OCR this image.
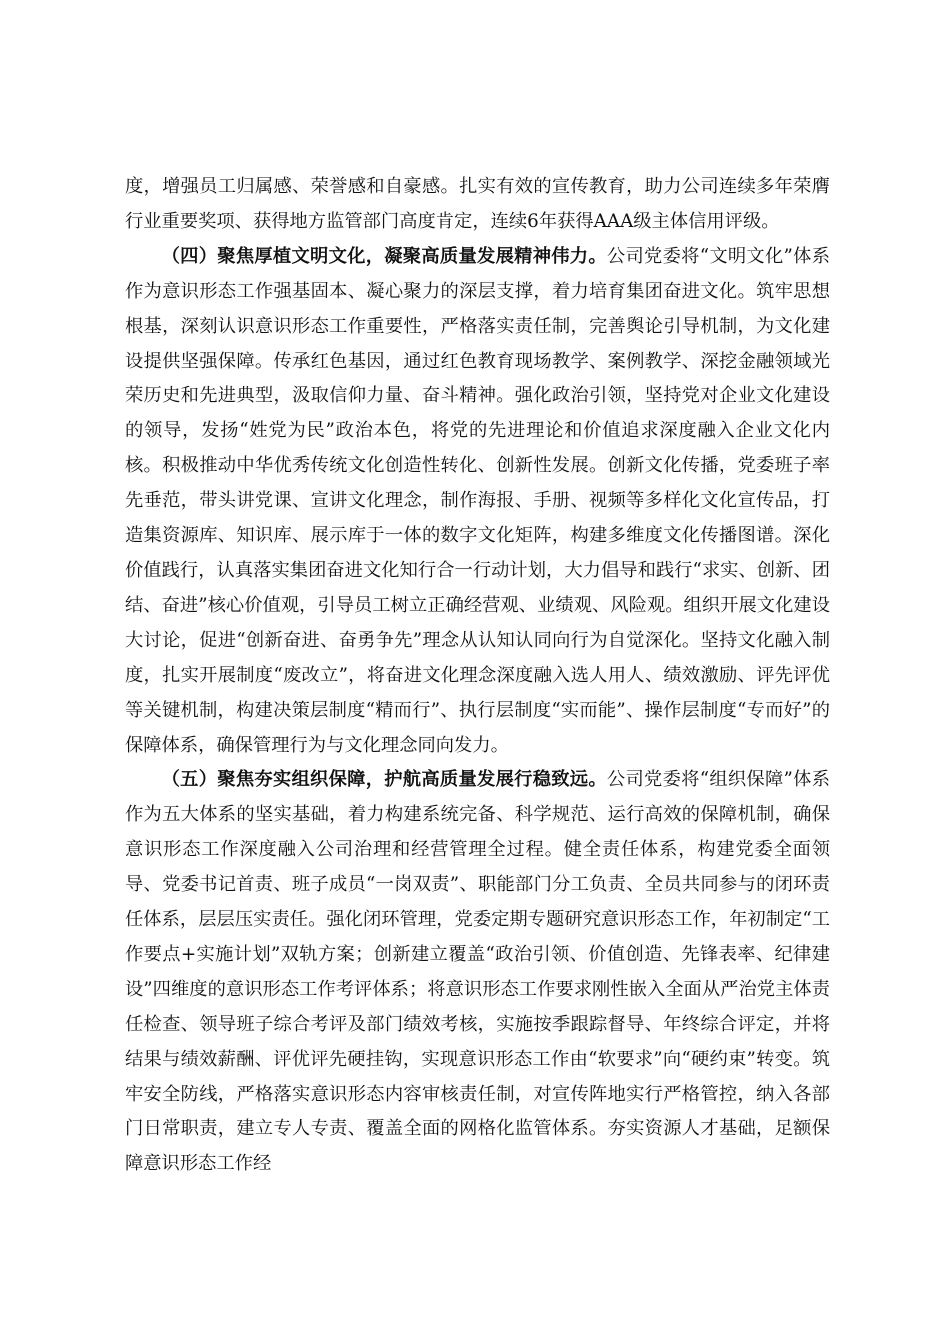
度，增强员工归属感、荣誉感和自豪感。扎实有效的宣传教育，助力公司连续多年荣膺行业重要奖项、获得地方监管部门高度肯定，连续6年获得AAA级主体信用评级。

（四）聚焦厚植文明文化，凝聚高质量发展精神伟力。公司党委将“文明文化”体系作为意识形态工作强基固本、凝心聚力的深层支撑，着力培育集团奋进文化。筑牢思想根基，深刻认识意识形态工作重要性，严格落实责任制，完善舆论引导机制，为文化建设提供坚强保障。传承红色基因，通过红色教育现场教学、案例教学、深挖金融领域光荣历史和先进典型，汲取信仰力量、奋斗精神。强化政治引领，坚持党对企业文化建设的领导，发扬“姓党为民”政治本色，将党的先进理论和价值追求深度融入企业文化内核。积极推动中华优秀传统文化创造性转化、创新性发展。创新文化传播，党委班子率先垂范，带头讲党课、宣讲文化理念，制作海报、手册、视频等多样化文化宣传品，打造集资源库、知识库、展示库于一体的数字文化矩阵，构建多维度文化传播图谱。深化价值践行，认真落实集团奋进文化知行合一行动计划，大力倡导和践行“求实、创新、团结、奋进”核心价值观，引导员工树立正确经营观、业绩观、风险观。组织开展文化建设大讨论，促进“创新奋进、奋勇争先”理念从认知认同向行为自觉深化。坚持文化融入制度，扎实开展制度“废改立”，将奋进文化理念深度融入选人用人、绩效激励、评先评优等关键机制，构建决策层制度“精而行”、执行层制度“实而能”、操作层制度“专而好”的保障体系，确保管理行为与文化理念同向发力。

（五）聚焦夯实组织保障，护航高质量发展行稳致远。公司党委将“组织保障”体系作为五大体系的坚实基础，着力构建系统完备、科学规范、运行高效的保障机制，确保意识形态工作深度融入公司治理和经营管理全过程。健全责任体系，构建党委全面领导、党委书记首责、班子成员“一岗双责”、职能部门分工负责、全员共同参与的闭环责任体系，层层压实责任。强化闭环管理，党委定期专题研究意识形态工作，年初制定“工作要点+实施计划”双轨方案；创新建立覆盖“政治引领、价值创造、先锋表率、纪律建设”四维度的意识形态工作考评体系；将意识形态工作要求刚性嵌入全面从严治党主体责任检查、领导班子综合考评及部门绩效考核，实施按季跟踪督导、年终综合评定，并将结果与绩效薪酬、评优评先硬挂钩，实现意识形态工作由“软要求”向“硬约束”转变。筑牢安全防线，严格落实意识形态内容审核责任制，对宣传阵地实行严格管控，纳入各部门日常职责，建立专人专责、覆盖全面的网格化监管体系。夯实资源人才基础，足额保障意识形态工作经
